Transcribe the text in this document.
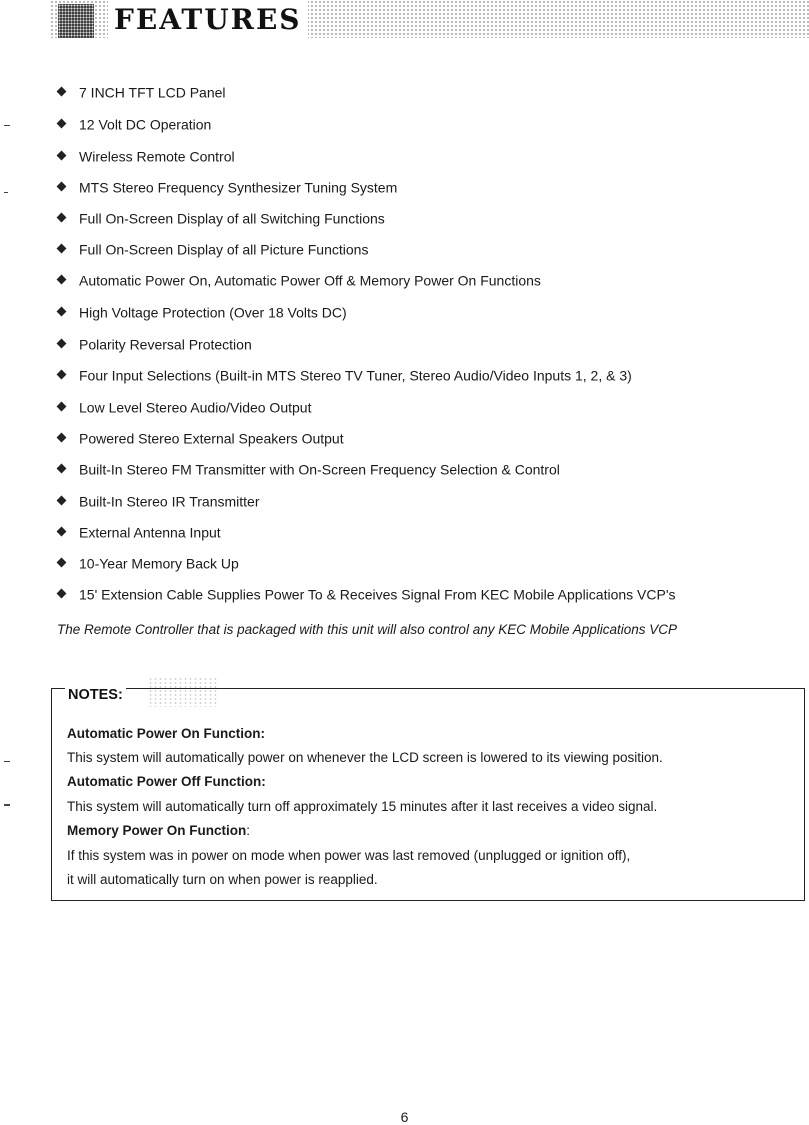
FEATURES
7 INCH TFT LCD Panel
12 Volt DC Operation
Wireless Remote Control
MTS Stereo Frequency Synthesizer Tuning System
Full On-Screen Display of all Switching Functions
Full On-Screen Display of all Picture Functions
Automatic Power On, Automatic Power Off & Memory Power On Functions
High Voltage Protection (Over 18 Volts DC)
Polarity Reversal Protection
Four Input Selections (Built-in MTS Stereo TV Tuner, Stereo Audio/Video Inputs 1, 2, & 3)
Low Level Stereo Audio/Video Output
Powered Stereo External Speakers Output
Built-In Stereo FM Transmitter with On-Screen Frequency Selection & Control
Built-In Stereo IR Transmitter
External Antenna Input
10-Year Memory Back Up
15' Extension Cable Supplies Power To & Receives Signal From KEC Mobile Applications VCP's
The Remote Controller that is packaged with this unit will also control any KEC Mobile Applications VCP
NOTES:
Automatic Power On Function:
This system will automatically power on whenever the LCD screen is lowered to its viewing position.
Automatic Power Off Function:
This system will automatically turn off approximately 15 minutes after it last receives a video signal.
Memory Power On Function:
If this system was in power on mode when power was last removed (unplugged or ignition off),
it will automatically turn on when power is reapplied.
6
